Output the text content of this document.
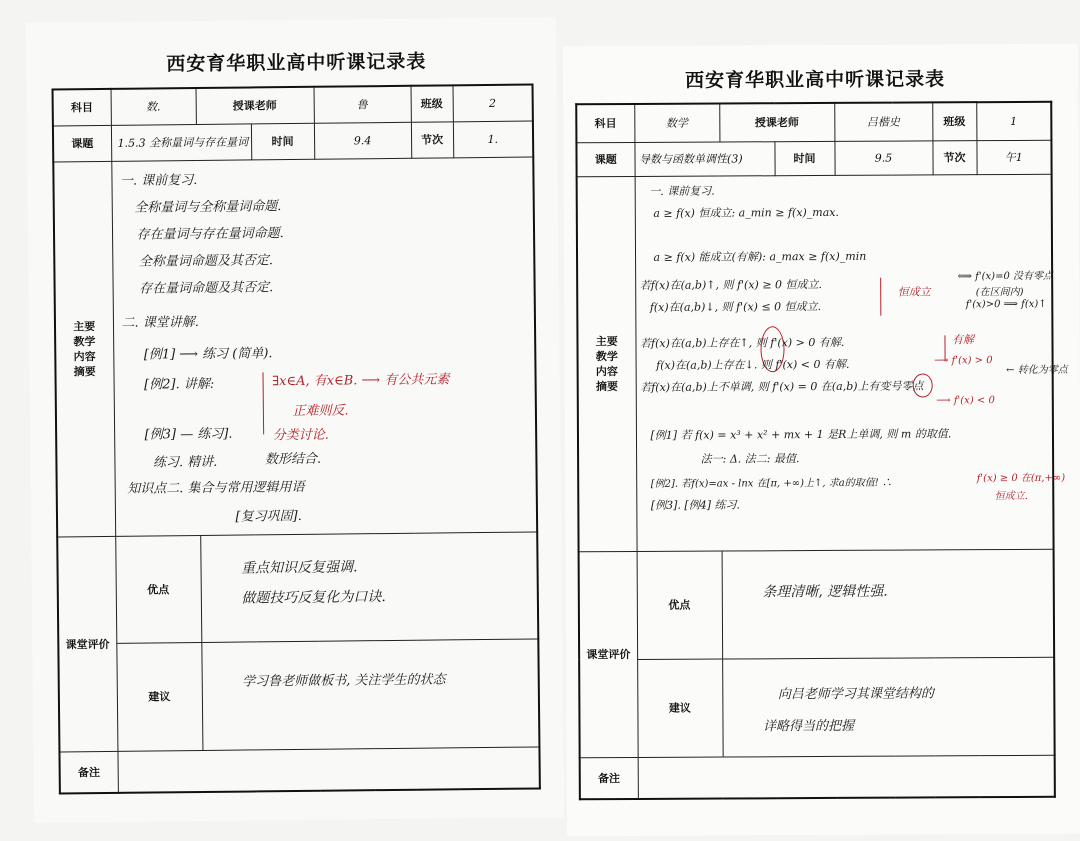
西安育华职业高中听课记录表
科目	数.	授课老师		鲁	班级	2
课题	1.5.3 全称量词与存在量词		时间	9.4	节次	1.

主要
教学
内容
摘要

一. 课前复习.
全称量词与全称量词命题.
存在量词与存在量词命题.
全称量词命题及其否定.
存在量词命题及其否定.
二. 课堂讲解.
[例1] ⟶ 练习 (简单).
[例2]. 讲解:	∃x∈A, 有x∈B. ⟶ 有公共元素
正难则反.
[例3] — 练习].	分类讨论.
练习. 精讲.	数形结合.
知识点二. 集合与常用逻辑用语
[复习巩固].

课堂评价	优点	重点知识反复强调.
做题技巧反复化为口诀.				

	建议	学习鲁老师做板书, 关注学生的状态				

备注						
西安育华职业高中听课记录表
科目	数学	授课老师		吕楷史	班级	1
课题	导数与函数单调性(3)		时间	9.5	节次	午1

主要
教学
内容
摘要

一. 课前复习.
a ≥ f(x) 恒成立: a_min ≥ f(x)_max.
a ≥ f(x) 能成立(有解): a_max ≥ f(x)_min
若f(x)在(a,b)↑, 则 f'(x) ≥ 0 恒成立.
f(x)在(a,b)↓, 则 f'(x) ≤ 0 恒成立.
恒成立
⟺ f'(x)=0 没有零点
(在区间内)
f'(x)>0 ⟹ f(x)↑
若f(x)在(a,b)上存在↑, 则 f'(x) > 0 有解.	有解
f(x)在(a,b)上存在↓. 则 f'(x) < 0 有解.	⟶ f'(x) > 0
← 转化为零点
若f(x)在(a,b)上不单调, 则 f'(x) = 0 在(a,b)上有变号零点
⟶ f'(x) < 0
[例1] 若 f(x) = x³ + x² + mx + 1 是R上单调, 则 m 的取值.
法一: Δ. 法二: 最值.
[例2]. 若f(x)=ax - lnx 在[π, +∞)上↑, 求a的取值! ∴	f'(x) ≥ 0 在(π,+∞)
恒成立.
[例3]. [例4] 练习.

课堂评价	优点	条理清晰, 逻辑性强.				

	建议	向吕老师学习其课堂结构的
详略得当的把握				

备注						
